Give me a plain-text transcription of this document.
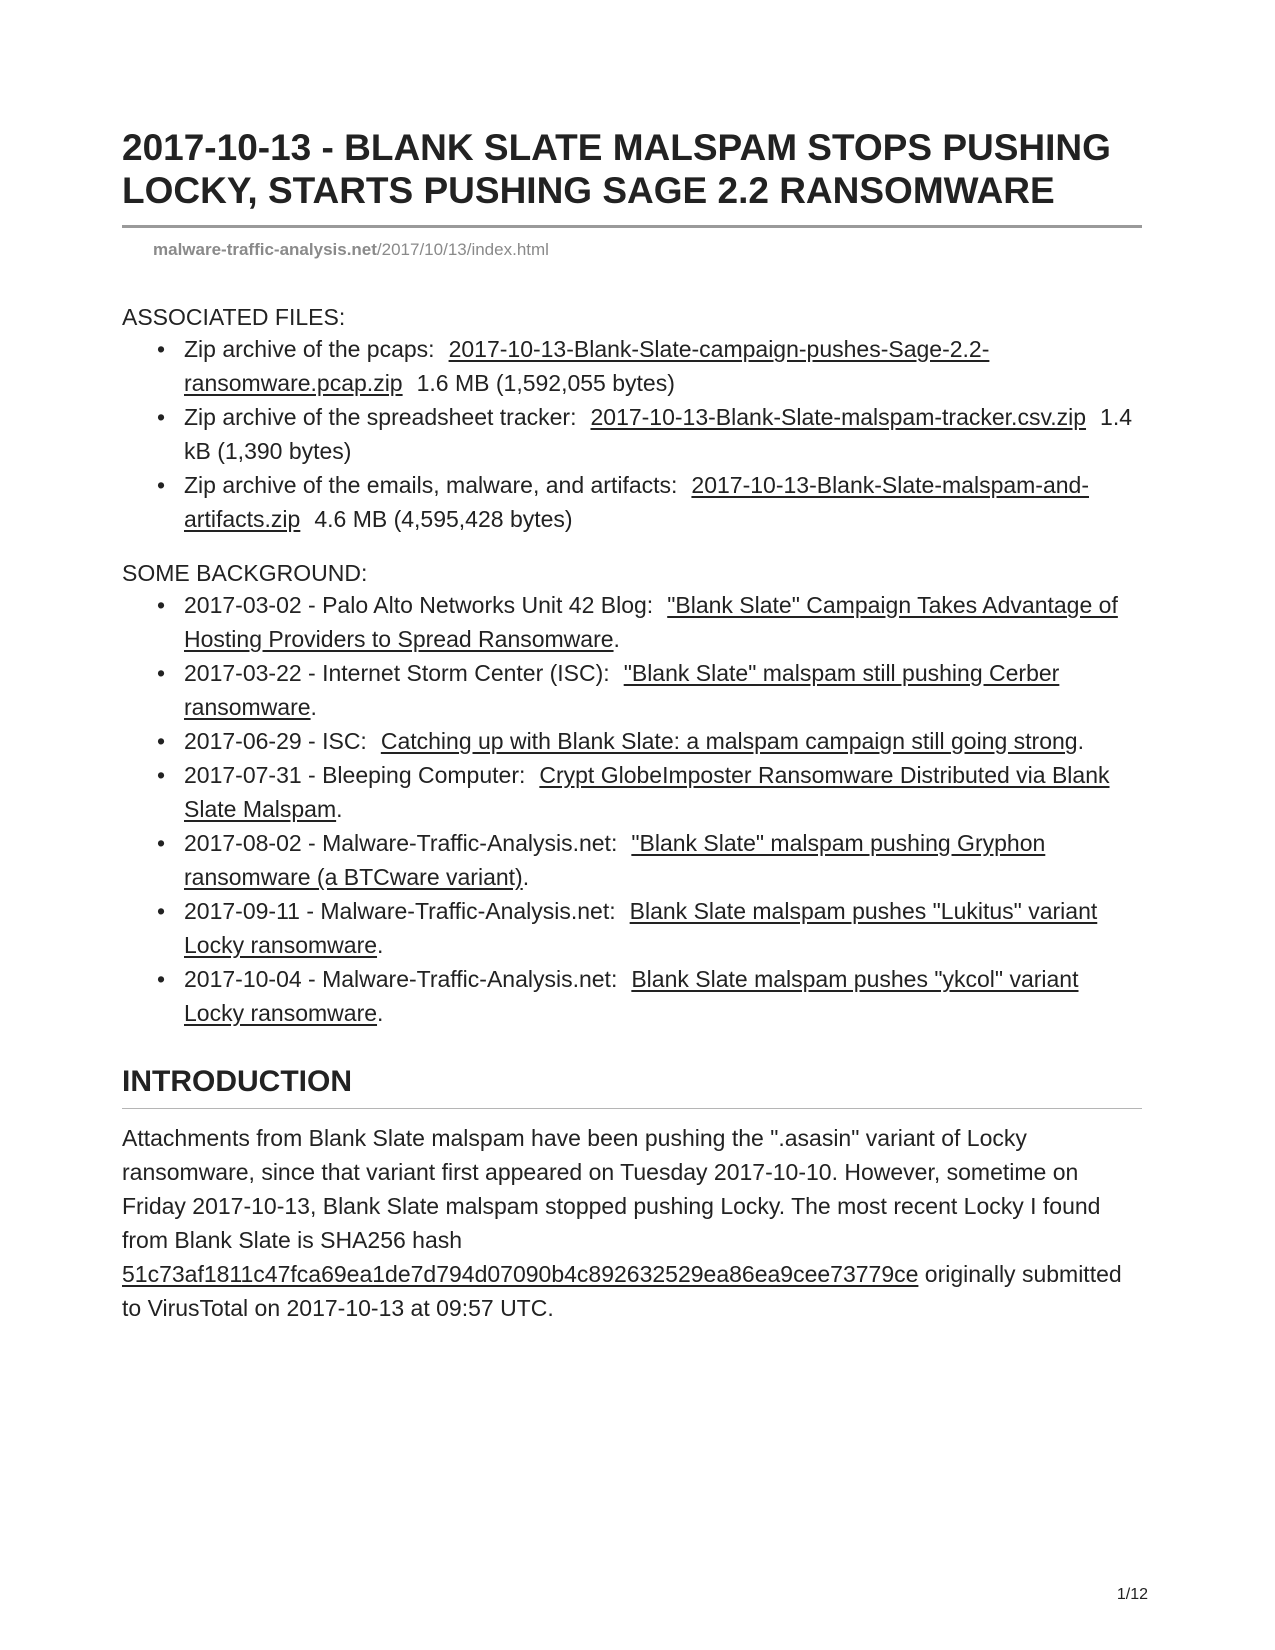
2017-10-13 - BLANK SLATE MALSPAM STOPS PUSHING LOCKY, STARTS PUSHING SAGE 2.2 RANSOMWARE
malware-traffic-analysis.net/2017/10/13/index.html
ASSOCIATED FILES:
• Zip archive of the pcaps: 2017-10-13-Blank-Slate-campaign-pushes-Sage-2.2-ransomware.pcap.zip 1.6 MB (1,592,055 bytes)
• Zip archive of the spreadsheet tracker: 2017-10-13-Blank-Slate-malspam-tracker.csv.zip 1.4 kB (1,390 bytes)
• Zip archive of the emails, malware, and artifacts: 2017-10-13-Blank-Slate-malspam-and-artifacts.zip 4.6 MB (4,595,428 bytes)
SOME BACKGROUND:
• 2017-03-02 - Palo Alto Networks Unit 42 Blog: "Blank Slate" Campaign Takes Advantage of Hosting Providers to Spread Ransomware.
• 2017-03-22 - Internet Storm Center (ISC): "Blank Slate" malspam still pushing Cerber ransomware.
• 2017-06-29 - ISC: Catching up with Blank Slate: a malspam campaign still going strong.
• 2017-07-31 - Bleeping Computer: Crypt GlobeImposter Ransomware Distributed via Blank Slate Malspam.
• 2017-08-02 - Malware-Traffic-Analysis.net: "Blank Slate" malspam pushing Gryphon ransomware (a BTCware variant).
• 2017-09-11 - Malware-Traffic-Analysis.net: Blank Slate malspam pushes "Lukitus" variant Locky ransomware.
• 2017-10-04 - Malware-Traffic-Analysis.net: Blank Slate malspam pushes "ykcol" variant Locky ransomware.
INTRODUCTION

Attachments from Blank Slate malspam have been pushing the ".asasin" variant of Locky ransomware, since that variant first appeared on Tuesday 2017-10-10. However, sometime on Friday 2017-10-13, Blank Slate malspam stopped pushing Locky. The most recent Locky I found from Blank Slate is SHA256 hash 51c73af1811c47fca69ea1de7d794d07090b4c892632529ea86ea9cee73779ce originally submitted to VirusTotal on 2017-10-13 at 09:57 UTC.

1/12
